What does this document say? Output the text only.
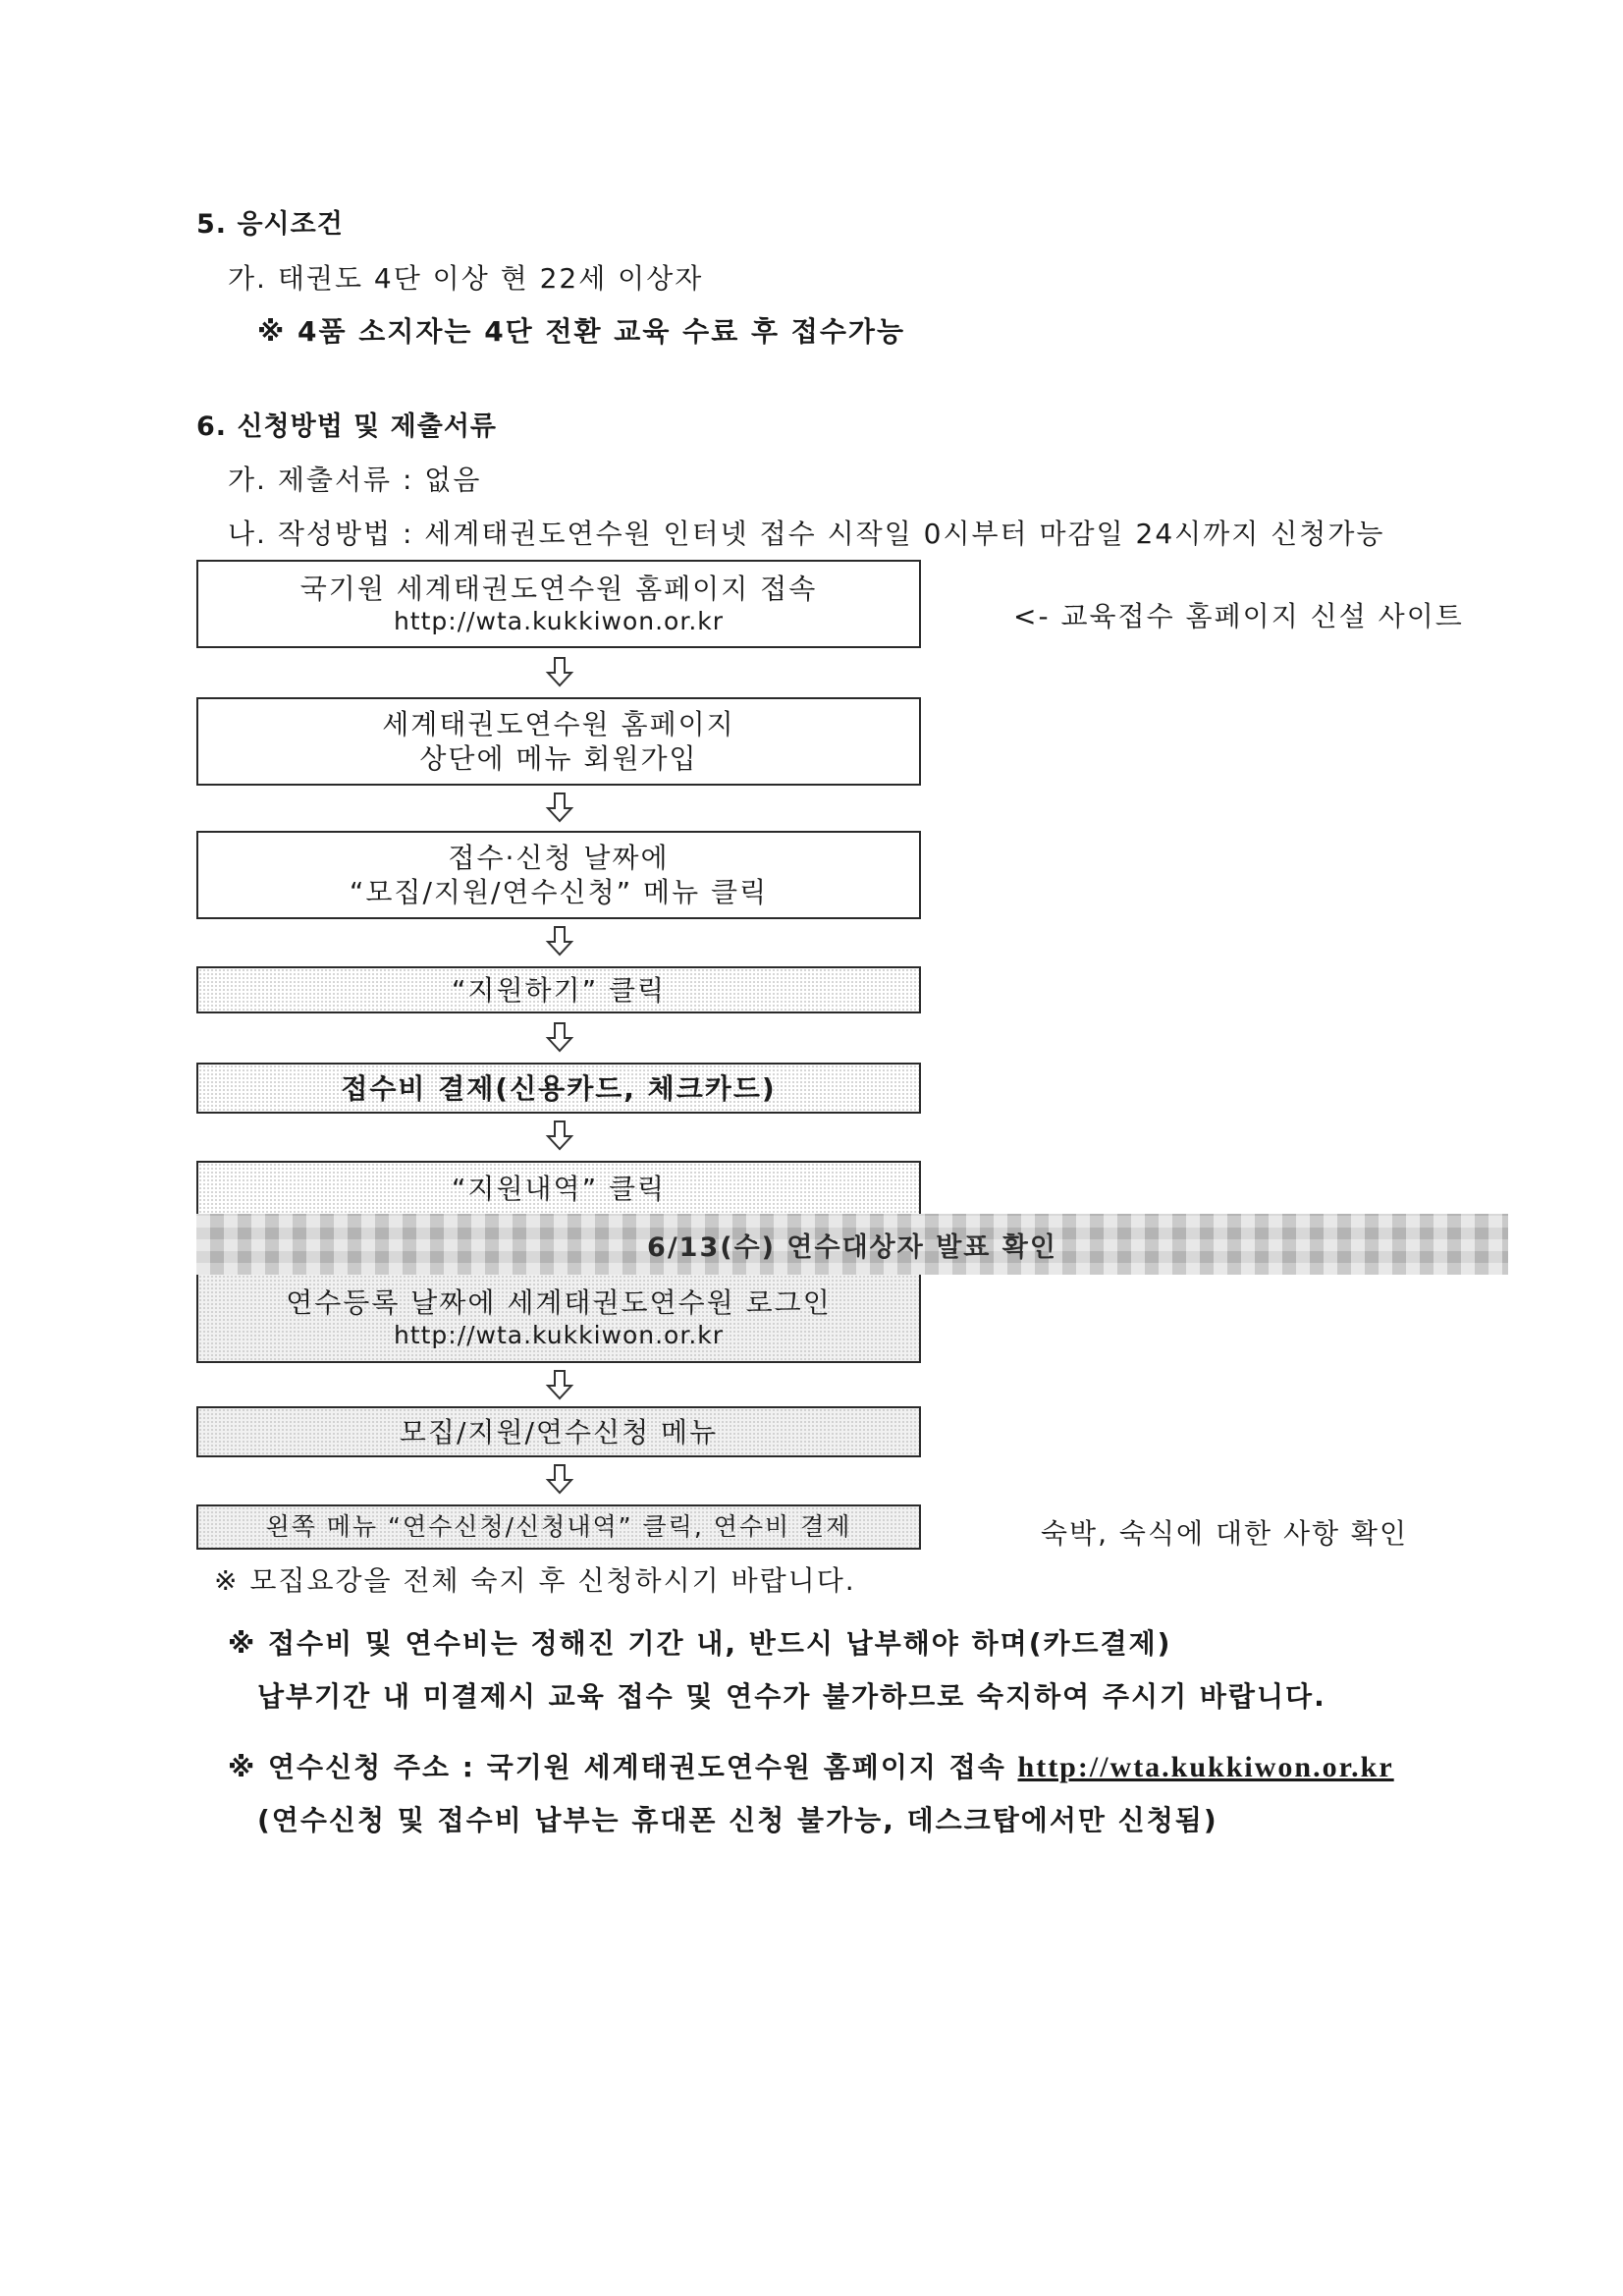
5. 응시조건
가. 태권도 4단 이상 현 22세 이상자
※ 4품 소지자는 4단 전환 교육 수료 후 접수가능
6. 신청방법 및 제출서류
가. 제출서류 : 없음
나. 작성방법 : 세계태권도연수원 인터넷 접수 시작일 0시부터 마감일 24시까지 신청가능
국기원 세계태권도연수원 홈페이지 접속
http://wta.kukkiwon.or.kr	<- 교육접수 홈페이지 신설 사이트
세계태권도연수원 홈페이지
상단에 메뉴 회원가입
접수·신청 날짜에
“모집/지원/연수신청” 메뉴 클릭
“지원하기” 클릭
접수비 결제(신용카드, 체크카드)
“지원내역” 클릭
6/13(수) 연수대상자 발표 확인
연수등록 날짜에 세계태권도연수원 로그인
http://wta.kukkiwon.or.kr
모집/지원/연수신청 메뉴
왼쪽 메뉴 “연수신청/신청내역” 클릭, 연수비 결제	숙박, 숙식에 대한 사항 확인
※ 모집요강을 전체 숙지 후 신청하시기 바랍니다.
※ 접수비 및 연수비는 정해진 기간 내, 반드시 납부해야 하며(카드결제)
납부기간 내 미결제시 교육 접수 및 연수가 불가하므로 숙지하여 주시기 바랍니다.
※ 연수신청 주소 : 국기원 세계태권도연수원 홈페이지 접속 http://wta.kukkiwon.or.kr
(연수신청 및 접수비 납부는 휴대폰 신청 불가능, 데스크탑에서만 신청됨)
